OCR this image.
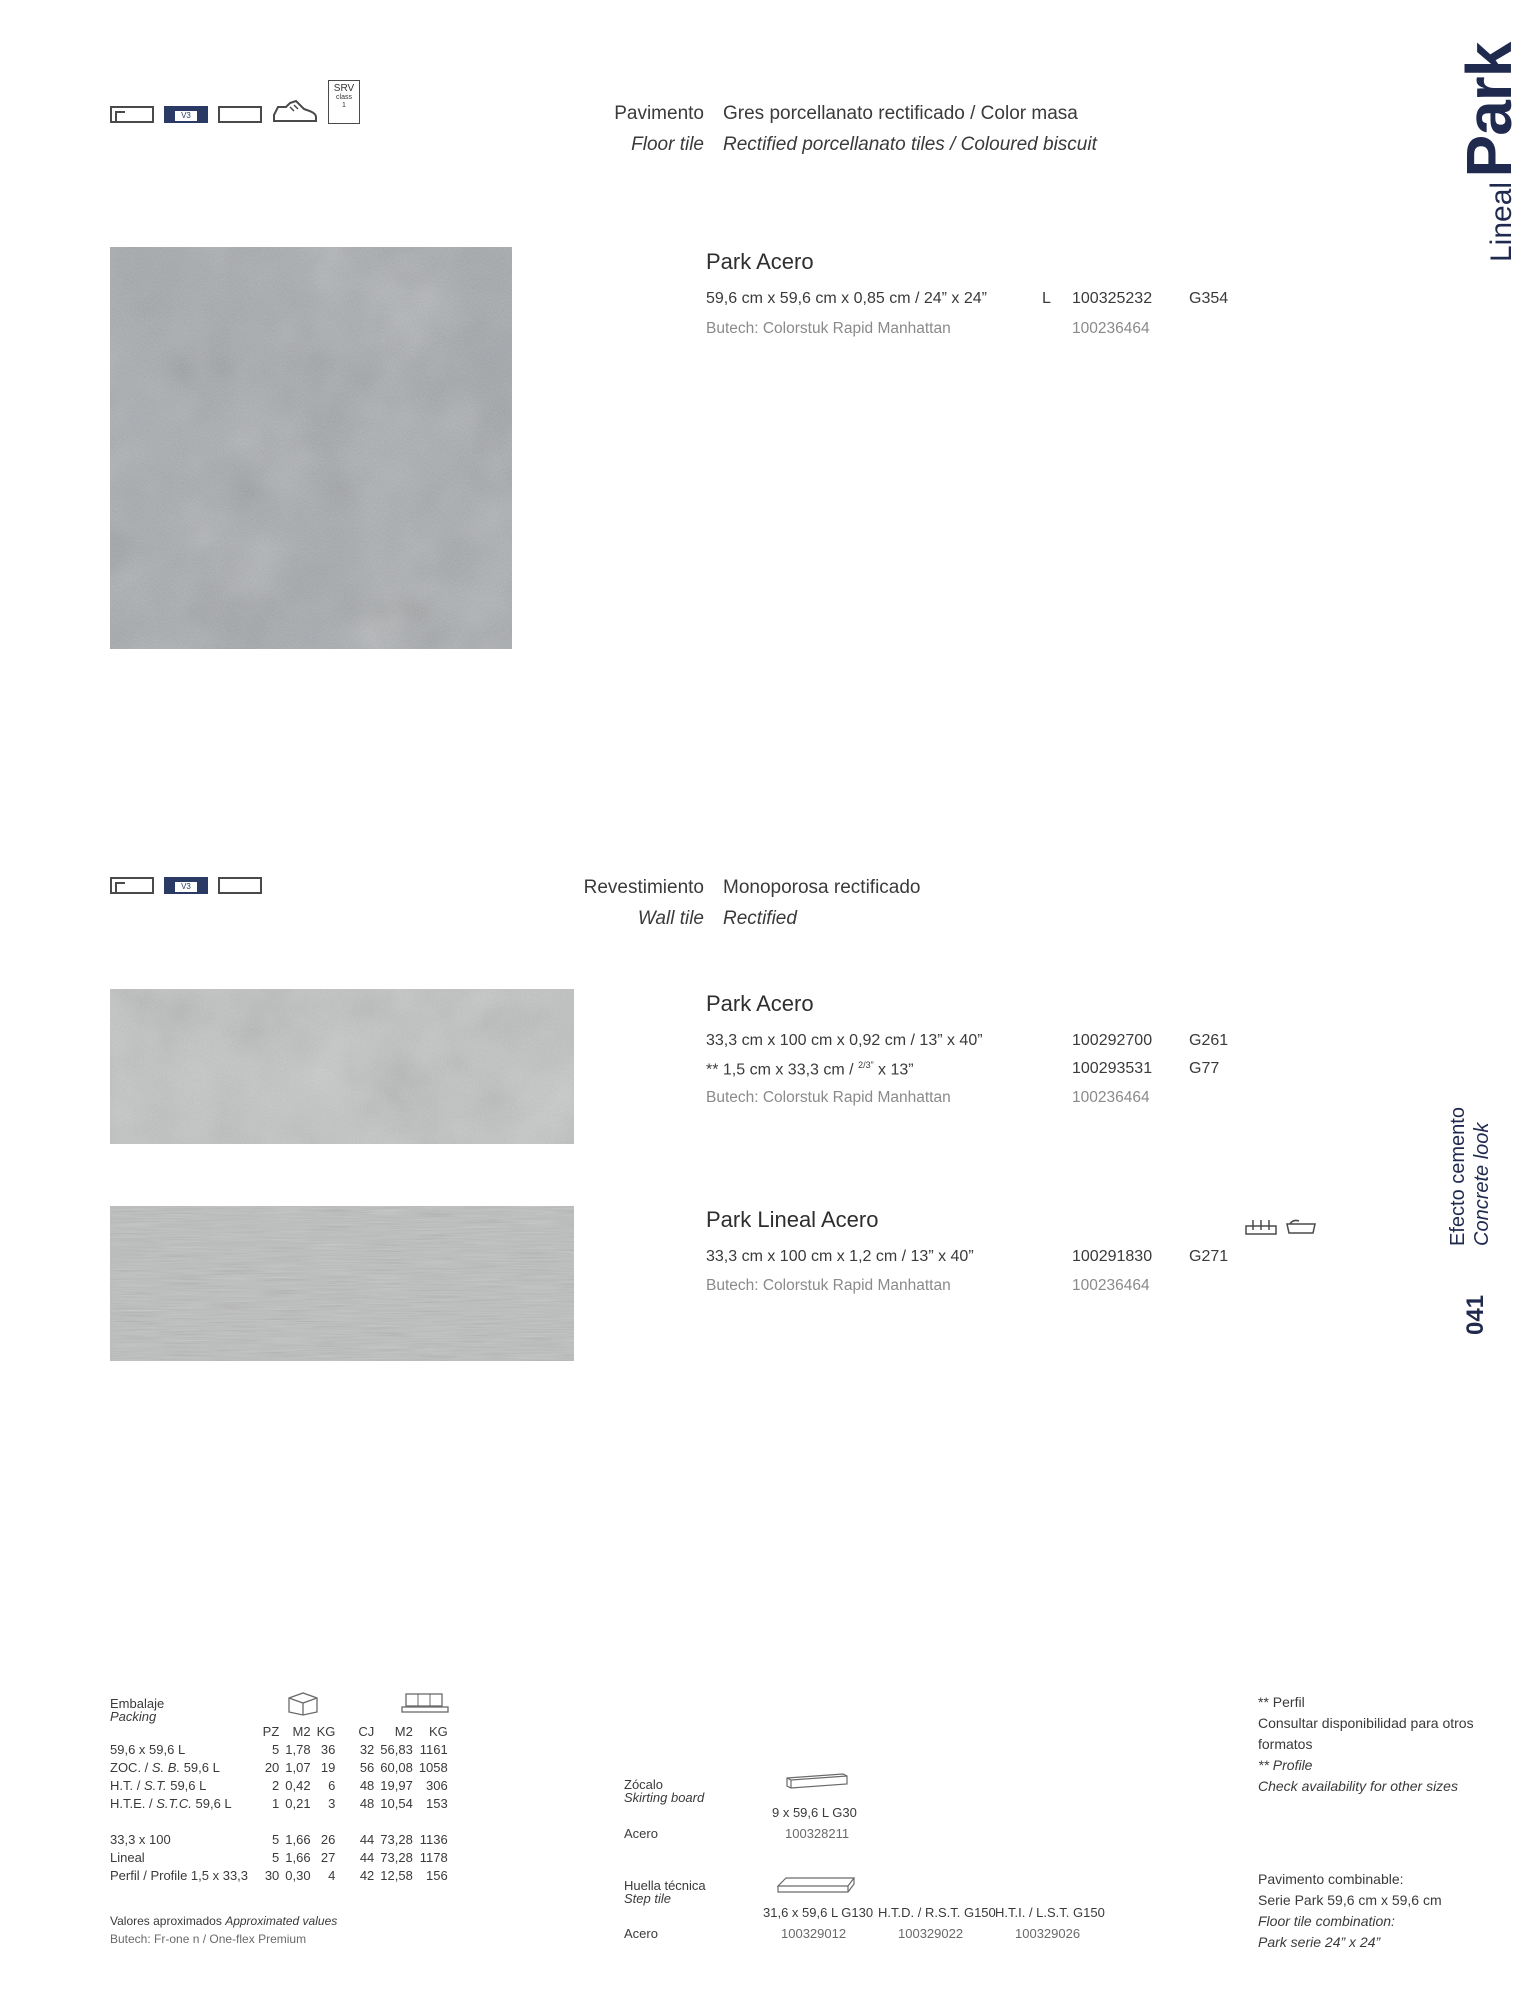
Lineal Park
Efecto cemento Concrete look
041
V3
SRV
class
1	Pavimento
Floor tile
Gres porcellanato rectificado / Color masa
Rectified porcellanato tiles / Coloured biscuit
Park Acero
59,6 cm x 59,6 cm x 0,85 cm / 24” x 24”	L 100325232 G354
Butech: Colorstuk Rapid Manhattan	100236464
V3	Revestimiento
Wall tile
Monoporosa rectificado
Rectified
Park Acero
33,3 cm x 100 cm x 0,92 cm / 13” x 40”	100292700 G261
** 1,5 cm x 33,3 cm / $^{2/3”}$ x 13”	100293531 G77
Butech: Colorstuk Rapid Manhattan	100236464
Park Lineal Acero
33,3 cm x 100 cm x 1,2 cm / 13” x 40”	100291830 G271
Butech: Colorstuk Rapid Manhattan	100236464
Embalaje
Packing
	PZ	M2	KG	CJ	M2	KG
59,6 x 59,6 L	5	1,78	36	32	56,83	1161
ZOC. / S. B. 59,6 L	20	1,07	19	56	60,08	1058
H.T. / S.T. 59,6 L	2	0,42	6	48	19,97	306
H.T.E. / S.T.C. 59,6 L	1	0,21	3	48	10,54	153

33,3 x 100	5	1,66	26	44	73,28	1136
Lineal	5	1,66	27	44	73,28	1178
Perfil / Profile 1,5 x 33,3	30	0,30	4	42	12,58	156
Valores aproximados Approximated values
Butech: Fr-one n / One-flex Premium
Zócalo
Skirting board
9 x 59,6 L G30
Acero	100328211
Huella técnica
Step tile
31,6 x 59,6 L G130 H.T.D. / R.S.T. G150 H.T.I. / L.S.T. G150
Acero	100329012	100329022	100329026
** Perfil
Consultar disponibilidad para otros formatos
** Profile
Check availability for other sizes
Pavimento combinable:
Serie Park 59,6 cm x 59,6 cm
Floor tile combination:
Park serie 24” x 24”
